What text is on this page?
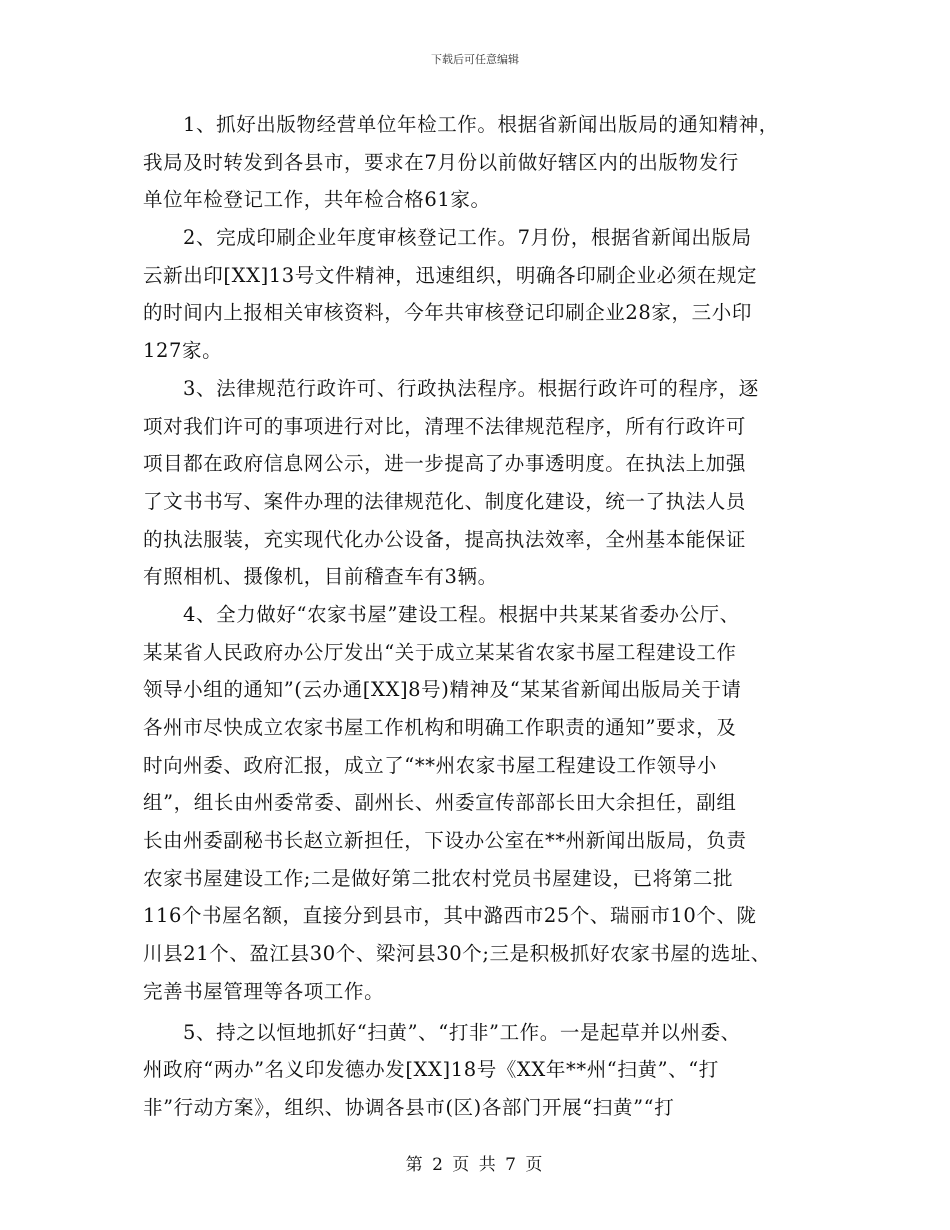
下载后可任意编辑
1、抓好出版物经营单位年检工作。根据省新闻出版局的通知精神，
我局及时转发到各县市，要求在7月份以前做好辖区内的出版物发行
单位年检登记工作，共年检合格61家。
2、完成印刷企业年度审核登记工作。7月份，根据省新闻出版局
云新出印[XX]13号文件精神，迅速组织，明确各印刷企业必须在规定
的时间内上报相关审核资料，今年共审核登记印刷企业28家，三小印
127家。
3、法律规范行政许可、行政执法程序。根据行政许可的程序，逐
项对我们许可的事项进行对比，清理不法律规范程序，所有行政许可
项目都在政府信息网公示，进一步提高了办事透明度。在执法上加强
了文书书写、案件办理的法律规范化、制度化建设，统一了执法人员
的执法服装，充实现代化办公设备，提高执法效率，全州基本能保证
有照相机、摄像机，目前稽查车有3辆。
4、全力做好“农家书屋”建设工程。根据中共某某省委办公厅、
某某省人民政府办公厅发出“关于成立某某省农家书屋工程建设工作
领导小组的通知”(云办通[XX]8号)精神及“某某省新闻出版局关于请
各州市尽快成立农家书屋工作机构和明确工作职责的通知”要求，及
时向州委、政府汇报，成立了“**州农家书屋工程建设工作领导小
组”，组长由州委常委、副州长、州委宣传部部长田大余担任，副组
长由州委副秘书长赵立新担任，下设办公室在**州新闻出版局，负责
农家书屋建设工作;二是做好第二批农村党员书屋建设，已将第二批
116个书屋名额，直接分到县市，其中潞西市25个、瑞丽市10个、陇
川县21个、盈江县30个、梁河县30个;三是积极抓好农家书屋的选址、
完善书屋管理等各项工作。
5、持之以恒地抓好“扫黄”、“打非”工作。一是起草并以州委、
州政府“两办”名义印发德办发[XX]18号《XX年**州“扫黄”、“打
非”行动方案》，组织、协调各县市(区)各部门开展“扫黄”“打
第 2 页 共 7 页
